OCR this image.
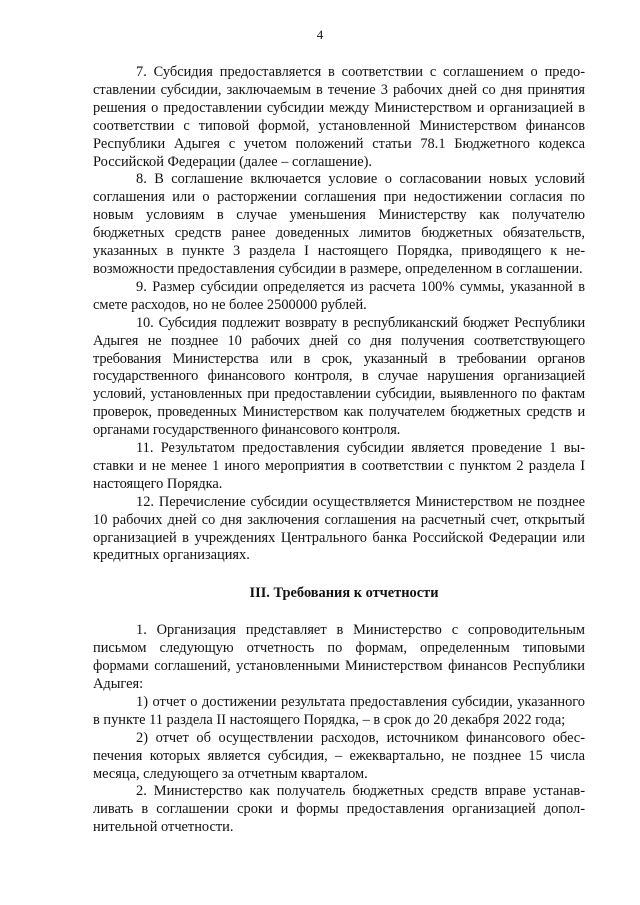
4

7. Субсидия предоставляется в соответствии с соглашением о предоставлении субсидии, заключаемым в течение 3 рабочих дней со дня принятия решения о предоставлении субсидии между Министерством и организацией в соответствии с типовой формой, установленной Министерством финансов Республики Адыгея с учетом положений статьи 78.1 Бюджетного кодекса Российской Федерации (далее – соглашение).

8. В соглашение включается условие о согласовании новых условий соглашения или о расторжении соглашения при недостижении согласия по новым условиям в случае уменьшения Министерству как получателю бюджетных средств ранее доведенных лимитов бюджетных обязательств, указанных в пункте 3 раздела I настоящего Порядка, приводящего к невозможности предоставления субсидии в размере, определенном в соглашении.

9. Размер субсидии определяется из расчета 100% суммы, указанной в смете расходов, но не более 2500000 рублей.

10. Субсидия подлежит возврату в республиканский бюджет Республики Адыгея не позднее 10 рабочих дней со дня получения соответствующего требования Министерства или в срок, указанный в требовании органов государственного финансового контроля, в случае нарушения организацией условий, установленных при предоставлении субсидии, выявленного по фактам проверок, проведенных Министерством как получателем бюджетных средств и органами государственного финансового контроля.

11. Результатом предоставления субсидии является проведение 1 выставки и не менее 1 иного мероприятия в соответствии с пунктом 2 раздела I настоящего Порядка.

12. Перечисление субсидии осуществляется Министерством не позднее 10 рабочих дней со дня заключения соглашения на расчетный счет, открытый организацией в учреждениях Центрального банка Российской Федерации или кредитных организациях.

III. Требования к отчетности

1. Организация представляет в Министерство с сопроводительным письмом следующую отчетность по формам, определенным типовыми формами соглашений, установленными Министерством финансов Республики Адыгея:

1) отчет о достижении результата предоставления субсидии, указанного в пункте 11 раздела II настоящего Порядка, – в срок до 20 декабря 2022 года;

2) отчет об осуществлении расходов, источником финансового обеспечения которых является субсидия, – ежеквартально, не позднее 15 числа месяца, следующего за отчетным кварталом.

2. Министерство как получатель бюджетных средств вправе устанавливать в соглашении сроки и формы предоставления организацией дополнительной отчетности.
